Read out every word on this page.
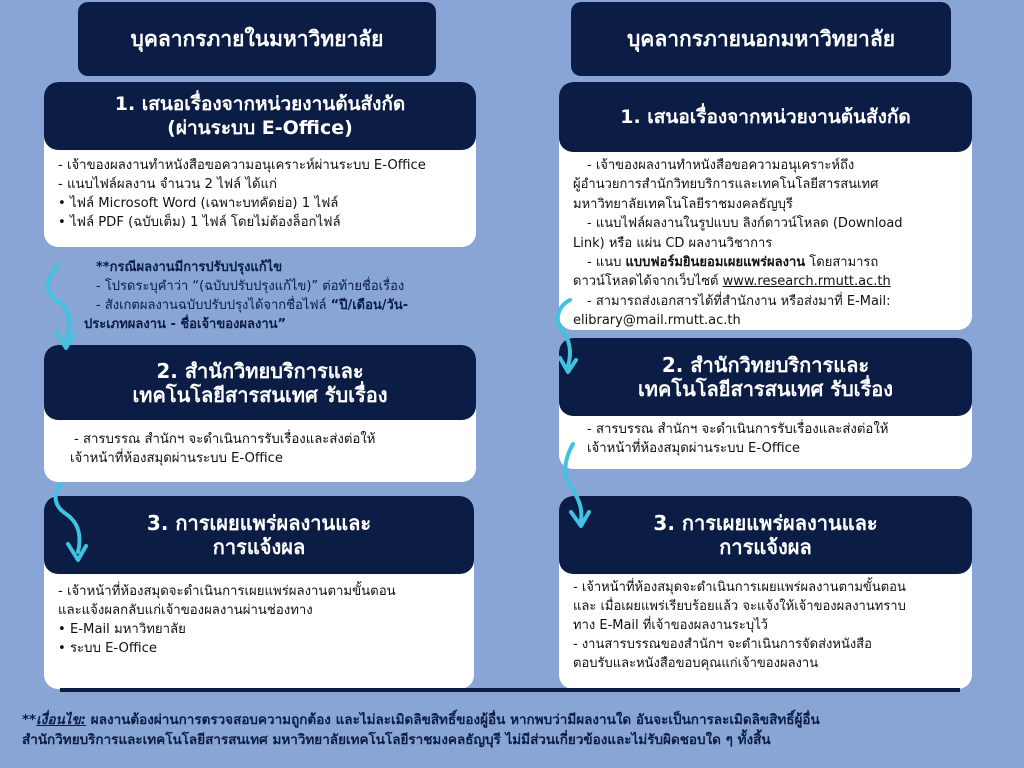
บุคลากรภายในมหาวิทยาลัย
1. เสนอเรื่องจากหน่วยงานต้นสังกัด
(ผ่านระบบ E-Office)

- เจ้าของผลงานทำหนังสือขอความอนุเคราะห์ผ่านระบบ E-Office

- แนบไฟล์ผลงาน จำนวน 2 ไฟล์ ได้แก่

• ไฟล์ Microsoft Word (เฉพาะบทคัดย่อ) 1 ไฟล์

• ไฟล์ PDF (ฉบับเต็ม) 1 ไฟล์ โดยไม่ต้องล็อกไฟล์

**กรณีผลงานมีการปรับปรุงแก้ไข

- โปรดระบุคำว่า “(ฉบับปรับปรุงแก้ไข)” ต่อท้ายชื่อเรื่อง

- สังเกตผลงานฉบับปรับปรุงได้จากชื่อไฟล์ “ปี/เดือน/วัน-

ประเภทผลงาน - ชื่อเจ้าของผลงาน”

2. สำนักวิทยบริการและ
เทคโนโลยีสารสนเทศ รับเรื่อง

- สารบรรณ สำนักฯ จะดำเนินการรับเรื่องและส่งต่อให้

เจ้าหน้าที่ห้องสมุดผ่านระบบ E-Office

3. การเผยแพร่ผลงานและ
การแจ้งผล

- เจ้าหน้าที่ห้องสมุดจะดำเนินการเผยแพร่ผลงานตามขั้นตอน

และแจ้งผลกลับแก่เจ้าของผลงานผ่านช่องทาง

• E-Mail มหาวิทยาลัย

• ระบบ E-Office

บุคลากรภายนอกมหาวิทยาลัย
1. เสนอเรื่องจากหน่วยงานต้นสังกัด

- เจ้าของผลงานทำหนังสือขอความอนุเคราะห์ถึง

ผู้อำนวยการสำนักวิทยบริการและเทคโนโลยีสารสนเทศ

มหาวิทยาลัยเทคโนโลยีราชมงคลธัญบุรี

- แนบไฟล์ผลงานในรูปแบบ ลิงก์ดาวน์โหลด (Download

Link) หรือ แผ่น CD ผลงานวิชาการ

- แนบ แบบฟอร์มยินยอมเผยแพร่ผลงาน โดยสามารถ

ดาวน์โหลดได้จากเว็บไซต์ www.research.rmutt.ac.th

- สามารถส่งเอกสารได้ที่สำนักงาน หรือส่งมาที่ E-Mail:

elibrary@mail.rmutt.ac.th

2. สำนักวิทยบริการและ
เทคโนโลยีสารสนเทศ รับเรื่อง

- สารบรรณ สำนักฯ จะดำเนินการรับเรื่องและส่งต่อให้

เจ้าหน้าที่ห้องสมุดผ่านระบบ E-Office

3. การเผยแพร่ผลงานและ
การแจ้งผล

- เจ้าหน้าที่ห้องสมุดจะดำเนินการเผยแพร่ผลงานตามขั้นตอน

และ เมื่อเผยแพร่เรียบร้อยแล้ว จะแจ้งให้เจ้าของผลงานทราบ

ทาง E-Mail ที่เจ้าของผลงานระบุไว้

- งานสารบรรณของสำนักฯ จะดำเนินการจัดส่งหนังสือ

ตอบรับและหนังสือขอบคุณแก่เจ้าของผลงาน

**เงื่อนไข: ผลงานต้องผ่านการตรวจสอบความถูกต้อง และไม่ละเมิดลิขสิทธิ์ของผู้อื่น หากพบว่ามีผลงานใด อันจะเป็นการละเมิดลิขสิทธิ์ผู้อื่น

สำนักวิทยบริการและเทคโนโลยีสารสนเทศ มหาวิทยาลัยเทคโนโลยีราชมงคลธัญบุรี ไม่มีส่วนเกี่ยวข้องและไม่รับผิดชอบใด ๆ ทั้งสิ้น
